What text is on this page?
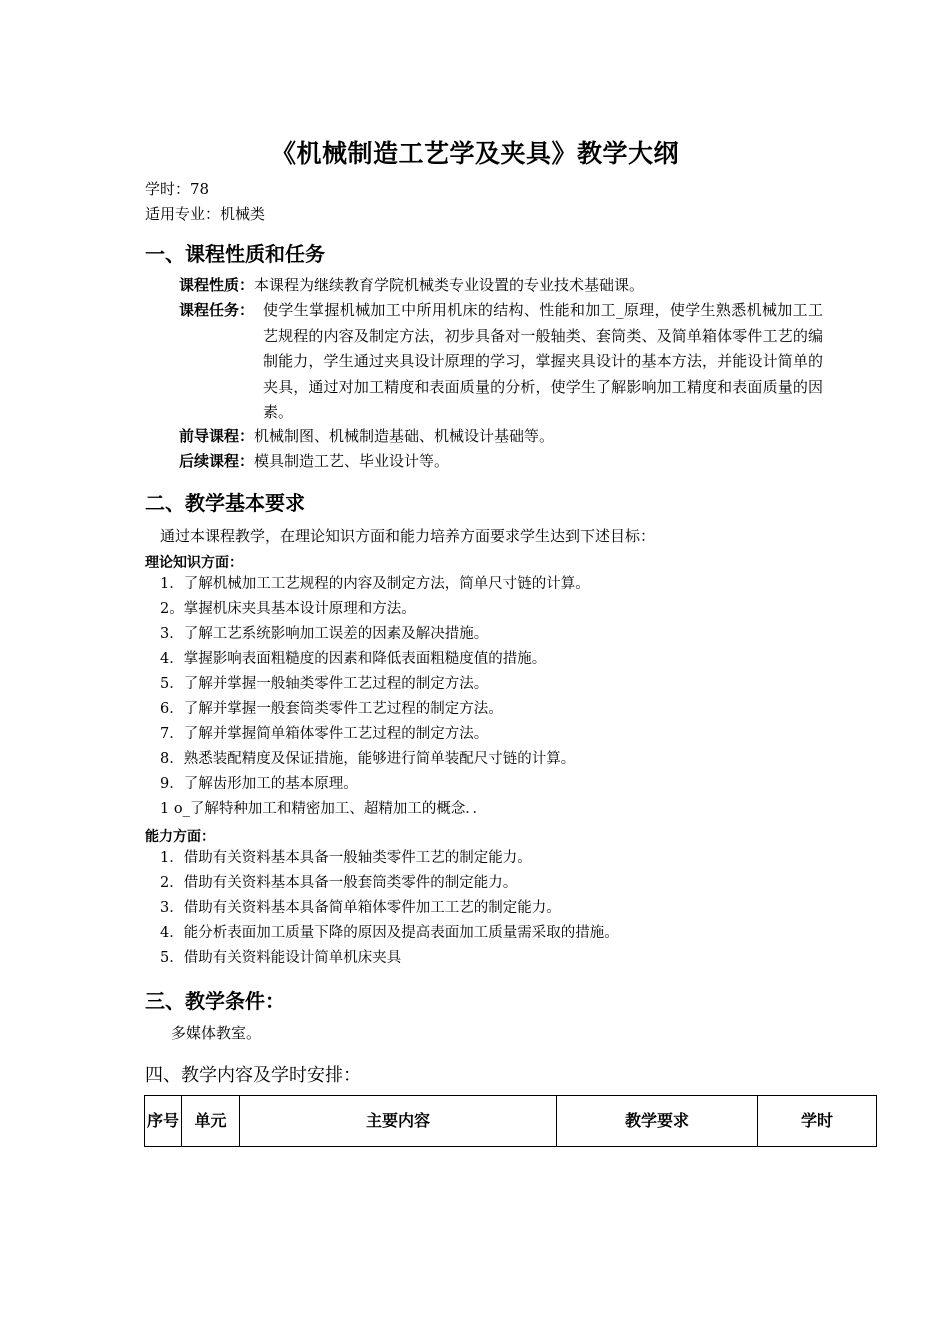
《机械制造工艺学及夹具》教学大纲
学时：78
适用专业：机械类
一、课程性质和任务
课程性质：本课程为继续教育学院机械类专业设置的专业技术基础课。
课程任务： 使学生掌握机械加工中所用机床的结构、性能和加工_原理，使学生熟悉机械加工工艺规程的内容及制定方法，初步具备对一般轴类、套筒类、及简单箱体零件工艺的编制能力，学生通过夹具设计原理的学习，掌握夹具设计的基本方法，并能设计简单的夹具，通过对加工精度和表面质量的分析，使学生了解影响加工精度和表面质量的因素。
前导课程：机械制图、机械制造基础、机械设计基础等。
后续课程：模具制造工艺、毕业设计等。
二、教学基本要求
通过本课程教学，在理论知识方面和能力培养方面要求学生达到下述目标：
理论知识方面：
1．了解机械加工工艺规程的内容及制定方法，简单尺寸链的计算。
2。掌握机床夹具基本设计原理和方法。
3．了解工艺系统影响加工误差的因素及解决措施。
4．掌握影响表面粗糙度的因素和降低表面粗糙度值的措施。
5．了解并掌握一般轴类零件工艺过程的制定方法。
6．了解并掌握一般套筒类零件工艺过程的制定方法。
7．了解并掌握简单箱体零件工艺过程的制定方法。
8．熟悉装配精度及保证措施，能够进行简单装配尺寸链的计算。
9．了解齿形加工的基本原理。
1 o_了解特种加工和精密加工、超精加工的概念．．
能力方面：
1．借助有关资料基本具备一般轴类零件工艺的制定能力。
2．借助有关资料基本具备一般套筒类零件的制定能力。
3．借助有关资料基本具备简单箱体零件加工工艺的制定能力。
4．能分析表面加工质量下降的原因及提高表面加工质量需采取的措施。
5．借助有关资料能设计简单机床夹具
三、教学条件：
多媒体教室。
四、教学内容及学时安排：
序号	单元	主要内容	教学要求	学时
